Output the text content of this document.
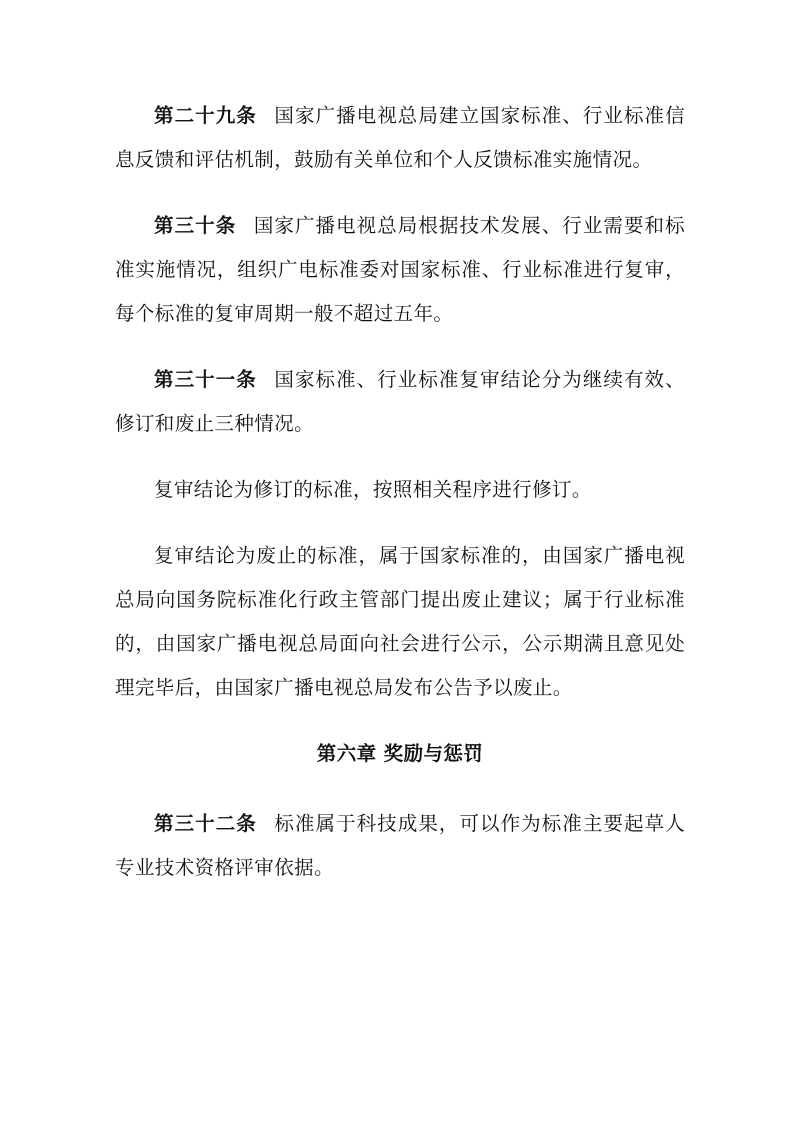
第二十九条 国家广播电视总局建立国家标准、行业标准信息反馈和评估机制，鼓励有关单位和个人反馈标准实施情况。

第三十条 国家广播电视总局根据技术发展、行业需要和标准实施情况，组织广电标准委对国家标准、行业标准进行复审，每个标准的复审周期一般不超过五年。

第三十一条 国家标准、行业标准复审结论分为继续有效、修订和废止三种情况。

复审结论为修订的标准，按照相关程序进行修订。

复审结论为废止的标准，属于国家标准的，由国家广播电视总局向国务院标准化行政主管部门提出废止建议；属于行业标准的，由国家广播电视总局面向社会进行公示，公示期满且意见处理完毕后，由国家广播电视总局发布公告予以废止。

第六章 奖励与惩罚

第三十二条 标准属于科技成果，可以作为标准主要起草人专业技术资格评审依据。
